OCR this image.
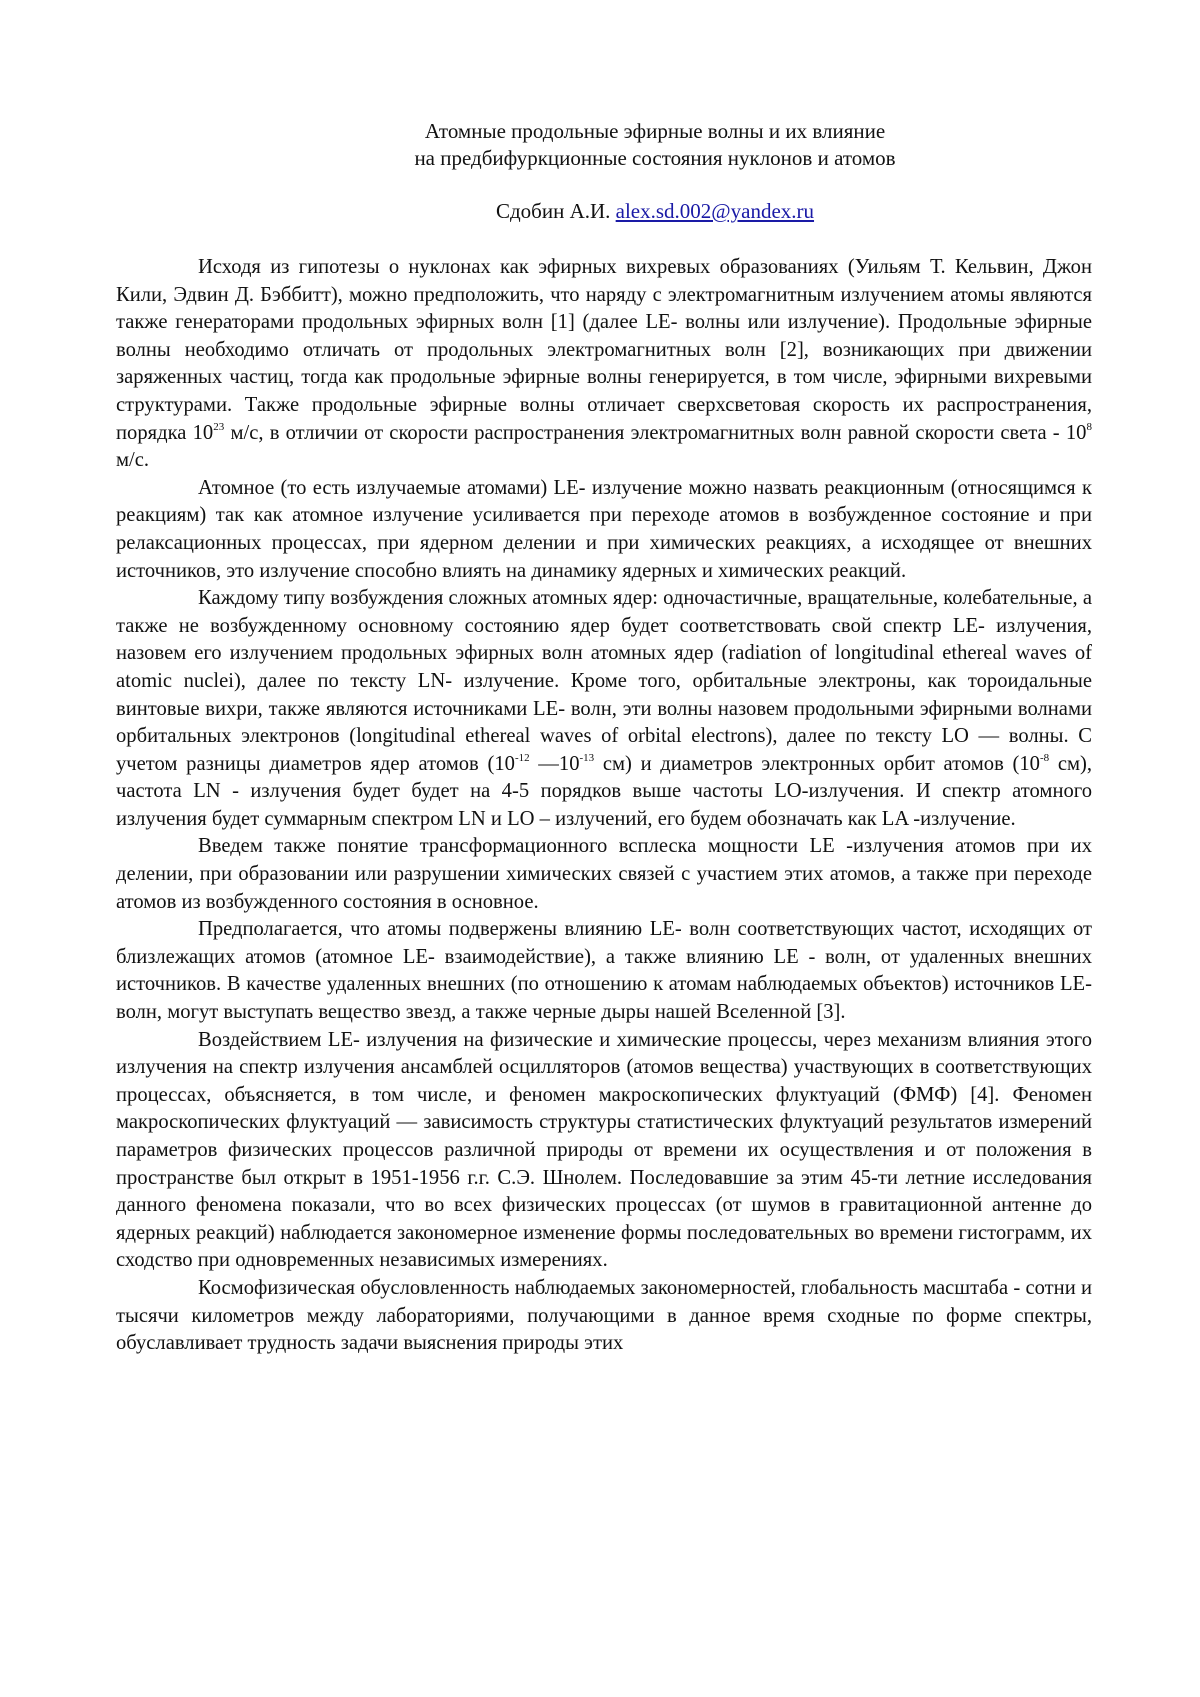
Атомные продольные эфирные волны и их влияние
на предбифуркционные состояния нуклонов и атомов
Сдобин А.И. alex.sd.002@yandex.ru

Исходя из гипотезы о нуклонах как эфирных вихревых образованиях (Уильям Т. Кельвин, Джон Кили, Эдвин Д. Бэббитт), можно предположить, что наряду с электромагнитным излучением атомы являются также генераторами продольных эфирных волн [1] (далее LE- волны или излучение). Продольные эфирные волны необходимо отличать от продольных электромагнитных волн [2], возникающих при движении заряженных частиц, тогда как продольные эфирные волны генерируется, в том числе, эфирными вихревыми структурами. Также продольные эфирные волны отличает сверхсветовая скорость их распространения, порядка $10^{23}$ м/с, в отличии от скорости распространения электромагнитных волн равной скорости света - $10^8$ м/с.

Атомное (то есть излучаемые атомами) LE- излучение можно назвать реакционным (относящимся к реакциям) так как атомное излучение усиливается при переходе атомов в возбужденное состояние и при релаксационных процессах, при ядерном делении и при химических реакциях, а исходящее от внешних источников, это излучение способно влиять на динамику ядерных и химических реакций.

Каждому типу возбуждения сложных атомных ядер: одночастичные, вращательные, колебательные, а также не возбужденному основному состоянию ядер будет соответствовать свой спектр LE- излучения, назовем его излучением продольных эфирных волн атомных ядер (radiation of longitudinal ethereal waves of atomic nuclei), далее по тексту LN- излучение. Кроме того, орбитальные электроны, как тороидальные винтовые вихри, также являются источниками LE- волн, эти волны назовем продольными эфирными волнами орбитальных электронов (longitudinal ethereal waves of orbital electrons), далее по тексту LO — волны. С учетом разницы диаметров ядер атомов ($10^{-12}$ $—10^{-13}$ см) и диаметров электронных орбит атомов ($10^{-8}$ см), частота LN - излучения будет будет на 4-5 порядков выше частоты LO-излучения. И спектр атомного излучения будет суммарным спектром LN и LO – излучений, его будем обозначать как LA -излучение.

Введем также понятие трансформационного всплеска мощности LE -излучения атомов при их делении, при образовании или разрушении химических связей с участием этих атомов, а также при переходе атомов из возбужденного состояния в основное.

Предполагается, что атомы подвержены влиянию LE- волн соответствующих частот, исходящих от близлежащих атомов (атомное LE- взаимодействие), а также влиянию LE - волн, от удаленных внешних источников. В качестве удаленных внешних (по отношению к атомам наблюдаемых объектов) источников LE- волн, могут выступать вещество звезд, а также черные дыры нашей Вселенной [3].

Воздействием LE- излучения на физические и химические процессы, через механизм влияния этого излучения на спектр излучения ансамблей осцилляторов (атомов вещества) участвующих в соответствующих процессах, объясняется, в том числе, и феномен макроскопических флуктуаций (ФМФ) [4]. Феномен макроскопических флуктуаций — зависимость структуры статистических флуктуаций результатов измерений параметров физических процессов различной природы от времени их осуществления и от положения в пространстве был открыт в 1951-1956 г.г. С.Э. Шнолем. Последовавшие за этим 45-ти летние исследования данного феномена показали, что во всех физических процессах (от шумов в гравитационной антенне до ядерных реакций) наблюдается закономерное изменение формы последовательных во времени гистограмм, их сходство при одновременных независимых измерениях.

Космофизическая обусловленность наблюдаемых закономерностей, глобальность масштаба - сотни и тысячи километров между лабораториями, получающими в данное время сходные по форме спектры, обуславливает трудность задачи выяснения природы этих
